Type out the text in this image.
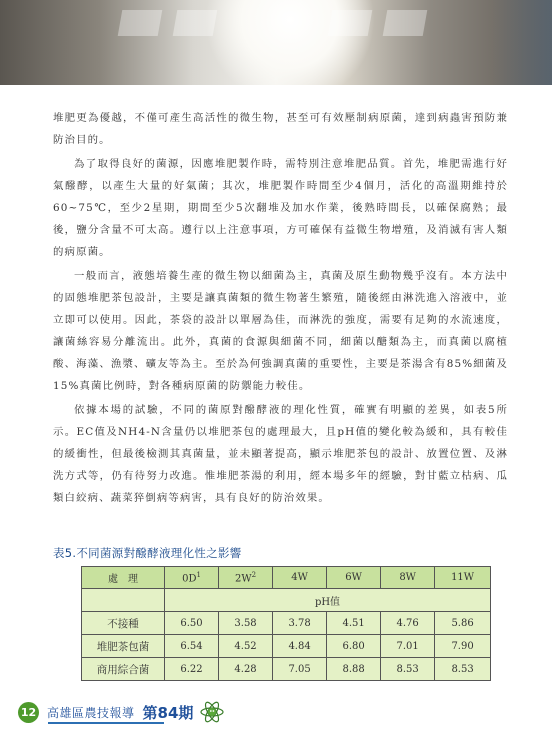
堆肥更為優越，不僅可產生高活性的微生物，甚至可有效壓制病原菌，達到病蟲害預防兼防治目的。

為了取得良好的菌源，因應堆肥製作時，需特別注意堆肥品質。首先，堆肥需進行好氣醱酵，以產生大量的好氣菌；其次，堆肥製作時間至少4個月，活化的高溫期維持於60~75℃，至少2星期，期間至少5次翻堆及加水作業，後熟時間長，以確保腐熟；最後，鹽分含量不可太高。遵行以上注意事項，方可確保有益微生物增殖，及消滅有害人類的病原菌。

一般而言，液態培養生產的微生物以細菌為主，真菌及原生動物幾乎沒有。本方法中的固態堆肥茶包設計，主要是讓真菌類的微生物著生繁殖，隨後經由淋洗進入溶液中，並立即可以使用。因此，茶袋的設計以單層為佳，而淋洗的強度，需要有足夠的水流速度，讓菌絲容易分離流出。此外，真菌的食源與細菌不同，細菌以醣類為主，而真菌以腐植酸、海藻、漁漿、礦友等為主。至於為何強調真菌的重要性，主要是茶湯含有85%細菌及15%真菌比例時，對各種病原菌的防禦能力較佳。

依據本場的試驗，不同的菌原對醱酵液的理化性質，確實有明顯的差異，如表5所示。EC值及NH4-N含量仍以堆肥茶包的處理最大，且pH值的變化較為緩和，具有較佳的緩衝性，但最後檢測其真菌量，並未顯著提高，顯示堆肥茶包的設計、放置位置、及淋洗方式等，仍有待努力改進。惟堆肥茶湯的利用，經本場多年的經驗，對甘藍立枯病、瓜類白絞病、蔬菜猝倒病等病害，具有良好的防治效果。

表5.不同菌源對醱酵液理化性之影響
處　理	$0D^1$	$2W^2$	4W	6W	8W	11W
	pH值					
不接種	6.50	3.58	3.78	4.51	4.76	5.86
堆肥茶包菌	6.54	4.52	4.84	6.80	7.01	7.90
商用綜合菌	6.22	4.28	7.05	8.88	8.53	8.53
12 高雄區農技報導 第84期
